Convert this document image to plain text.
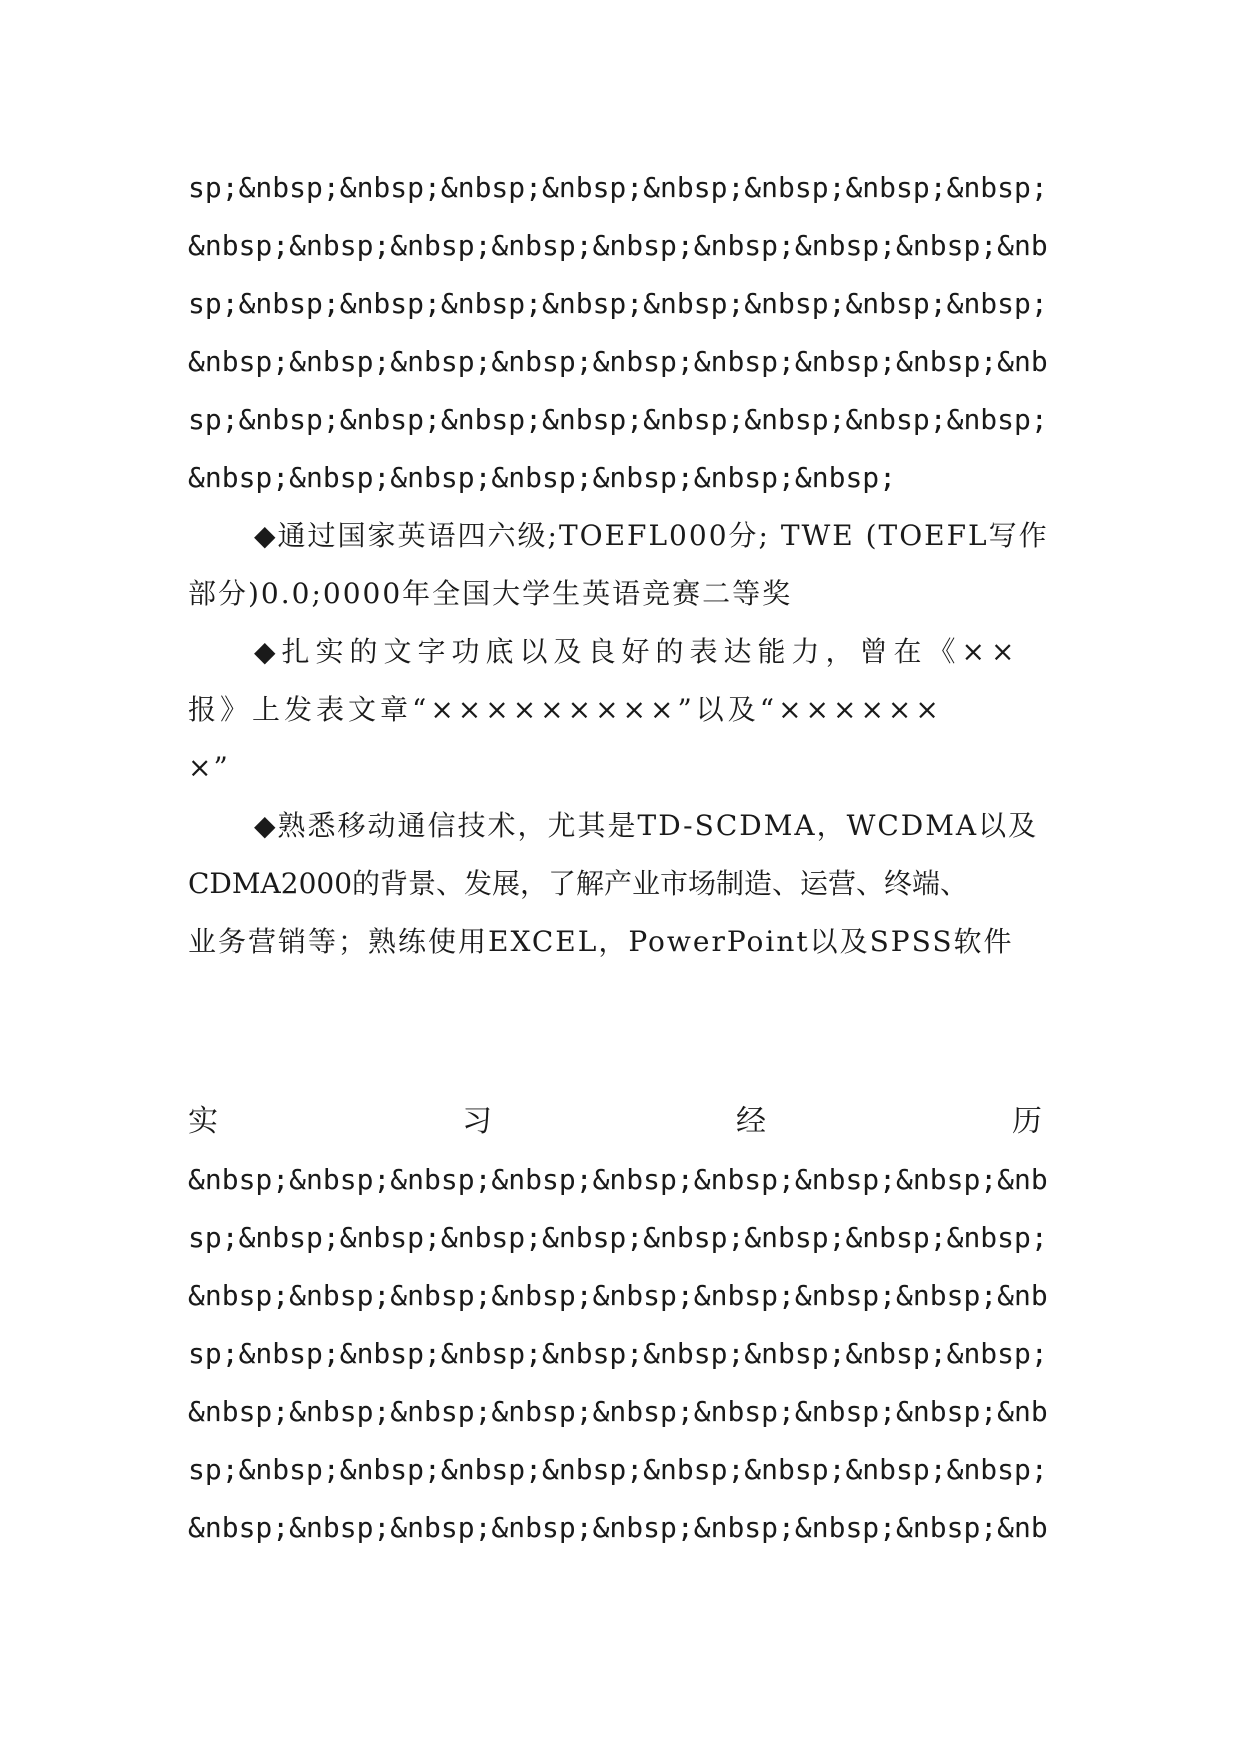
sp;&nbsp;&nbsp;&nbsp;&nbsp;&nbsp;&nbsp;&nbsp;&nbsp;
&nbsp;&nbsp;&nbsp;&nbsp;&nbsp;&nbsp;&nbsp;&nbsp;&nb
sp;&nbsp;&nbsp;&nbsp;&nbsp;&nbsp;&nbsp;&nbsp;&nbsp;
&nbsp;&nbsp;&nbsp;&nbsp;&nbsp;&nbsp;&nbsp;&nbsp;&nb
sp;&nbsp;&nbsp;&nbsp;&nbsp;&nbsp;&nbsp;&nbsp;&nbsp;
&nbsp;&nbsp;&nbsp;&nbsp;&nbsp;&nbsp;&nbsp;
◆通过国家英语四六级;TOEFL000分; TWE (TOEFL写作
部分)0.0;0000年全国大学生英语竞赛二等奖
◆扎实的文字功底以及良好的表达能力，曾在《××
报》上发表文章“×××××××××”以及“××××××
×”
◆熟悉移动通信技术，尤其是TD-SCDMA，WCDMA以及
CDMA2000的背景、发展，了解产业市场制造、运营、终端、
业务营销等；熟练使用EXCEL，PowerPoint以及SPSS软件
实	习	经	历
&nbsp;&nbsp;&nbsp;&nbsp;&nbsp;&nbsp;&nbsp;&nbsp;&nb
sp;&nbsp;&nbsp;&nbsp;&nbsp;&nbsp;&nbsp;&nbsp;&nbsp;
&nbsp;&nbsp;&nbsp;&nbsp;&nbsp;&nbsp;&nbsp;&nbsp;&nb
sp;&nbsp;&nbsp;&nbsp;&nbsp;&nbsp;&nbsp;&nbsp;&nbsp;
&nbsp;&nbsp;&nbsp;&nbsp;&nbsp;&nbsp;&nbsp;&nbsp;&nb
sp;&nbsp;&nbsp;&nbsp;&nbsp;&nbsp;&nbsp;&nbsp;&nbsp;
&nbsp;&nbsp;&nbsp;&nbsp;&nbsp;&nbsp;&nbsp;&nbsp;&nb
